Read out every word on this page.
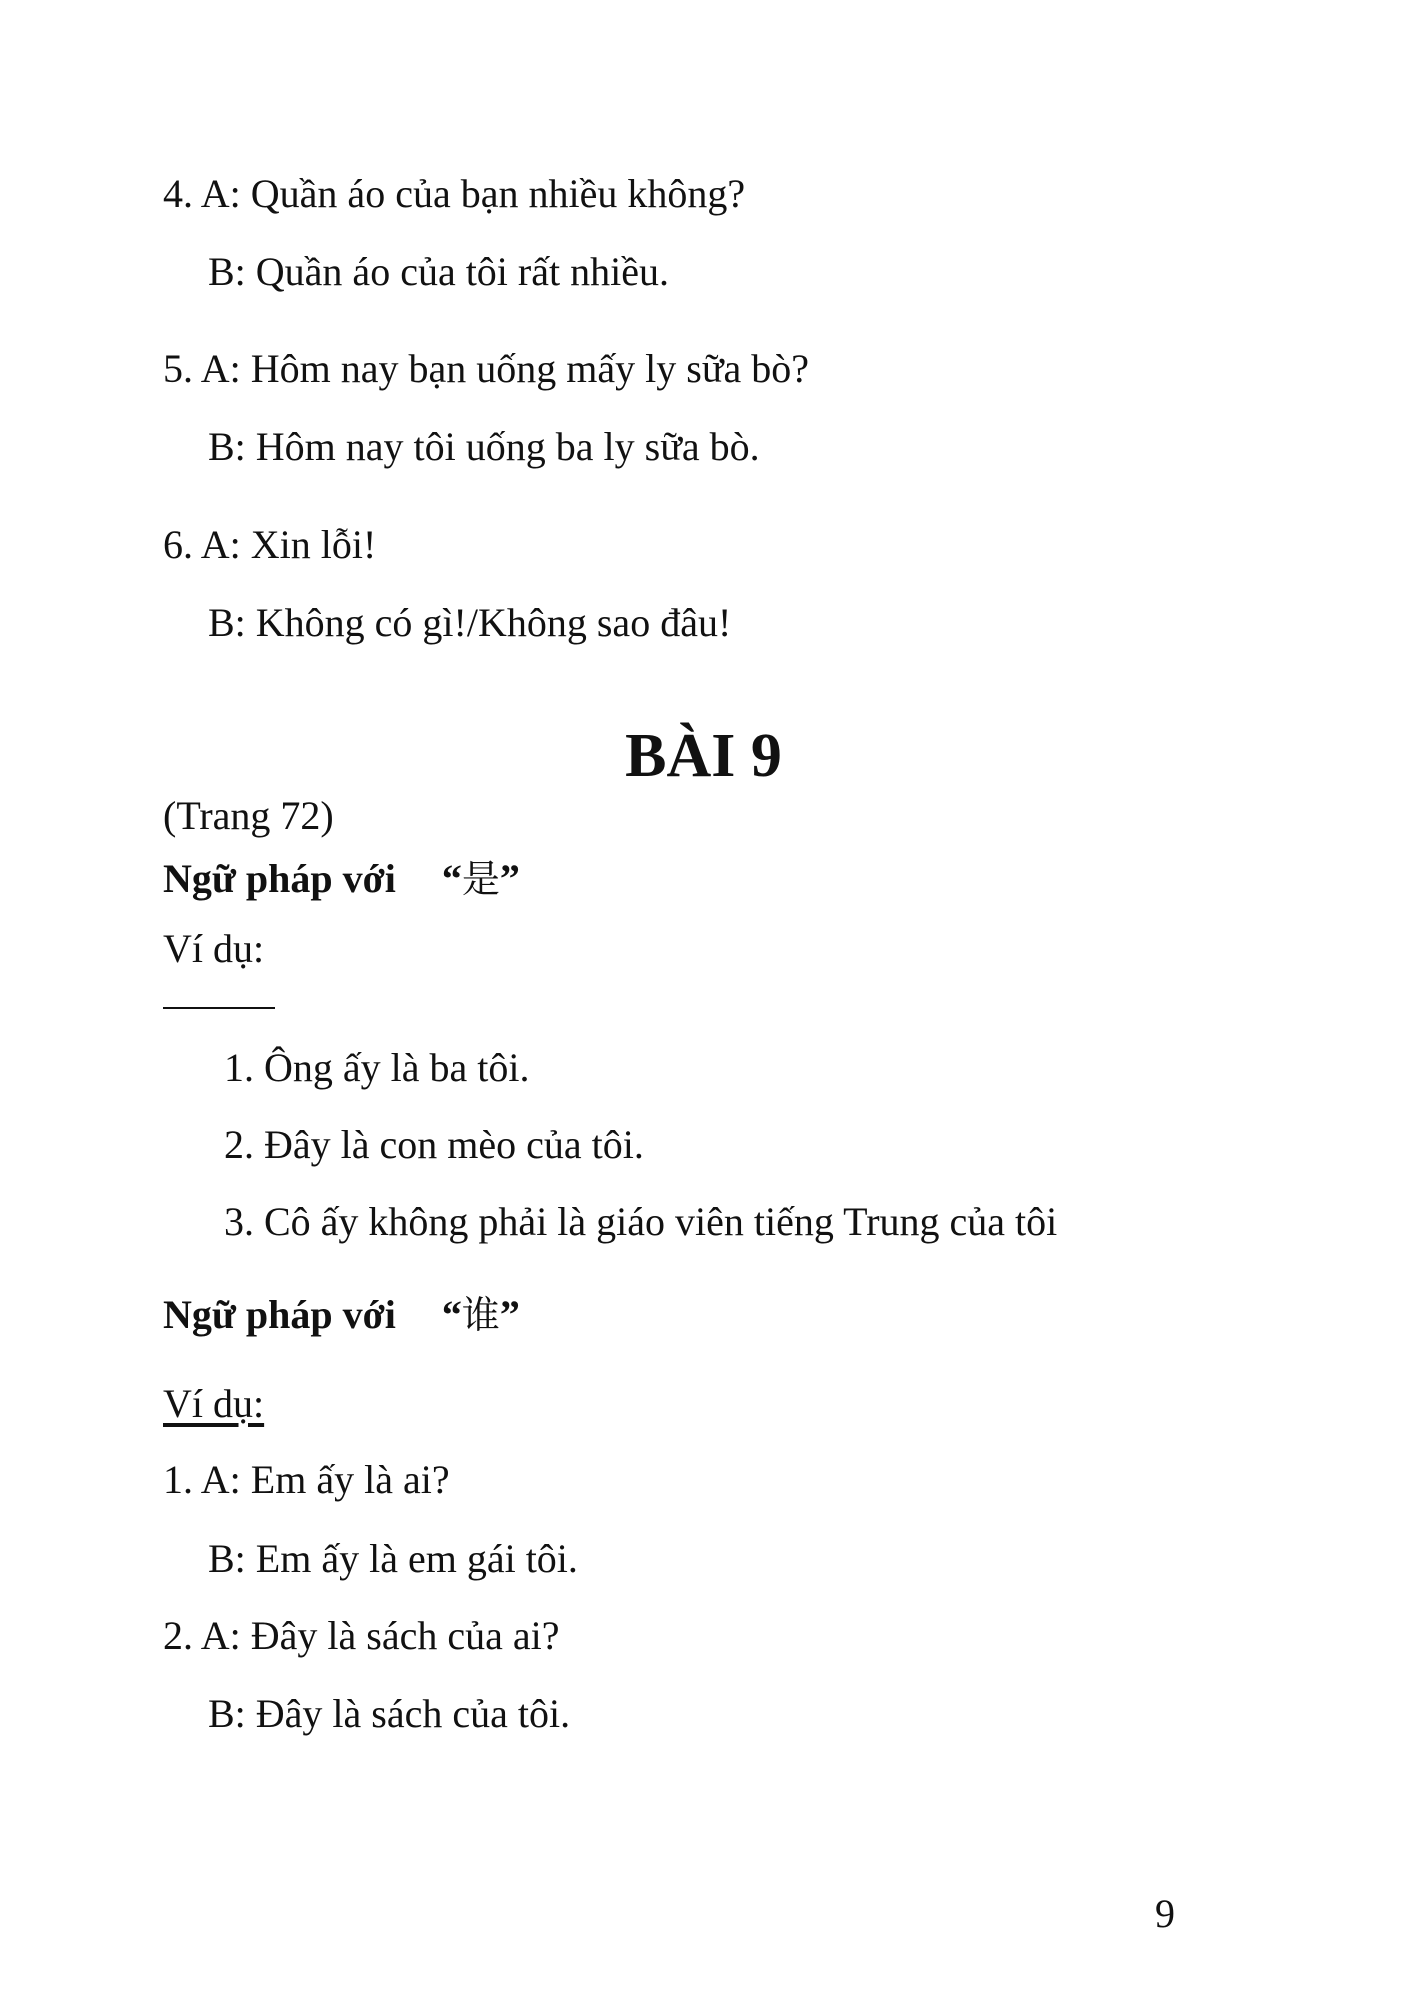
4. A: Quần áo của bạn nhiều không?
B: Quần áo của tôi rất nhiều.
5. A: Hôm nay bạn uống mấy ly sữa bò?
B: Hôm nay tôi uống ba ly sữa bò.
6. A: Xin lỗi!
B: Không có gì!/Không sao đâu!
BÀI 9
(Trang 72)
Ngữ pháp với “是”
Ví dụ:
1. Ông ấy là ba tôi.
2. Đây là con mèo của tôi.
3. Cô ấy không phải là giáo viên tiếng Trung của tôi
Ngữ pháp với “谁”
Ví dụ:
1. A: Em ấy là ai?
B: Em ấy là em gái tôi.
2. A: Đây là sách của ai?
B: Đây là sách của tôi.
9
